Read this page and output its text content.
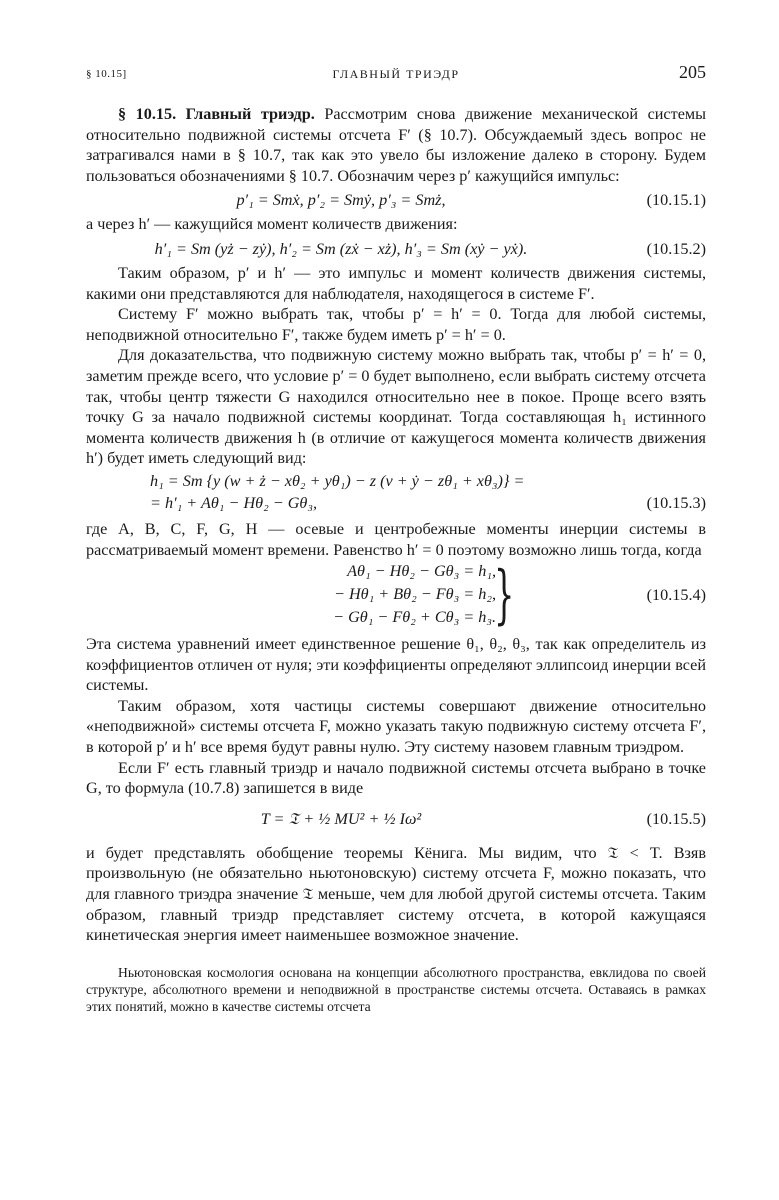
§ 10.15]	ГЛАВНЫЙ ТРИЭДР	205

§ 10.15. Главный триэдр. Рассмотрим снова движение механической системы относительно подвижной системы отсчета F′ (§ 10.7). Обсуждаемый здесь вопрос не затрагивался нами в § 10.7, так как это увело бы изложение далеко в сторону. Будем пользоваться обозначениями § 10.7. Обозначим через p′ кажущийся импульс:

p′₁ = Smẋ, p′₂ = Smẏ, p′₃ = Smż,	(10.15.1)

а через h′ — кажущийся момент количеств движения:

h′₁ = Sm (yż − zẏ), h′₂ = Sm (zẋ − xż), h′₃ = Sm (xẏ − yẋ).	(10.15.2)

Таким образом, p′ и h′ — это импульс и момент количеств движения системы, какими они представляются для наблюдателя, находящегося в системе F′.

Систему F′ можно выбрать так, чтобы p′ = h′ = 0. Тогда для любой системы, неподвижной относительно F′, также будем иметь p′ = h′ = 0.

Для доказательства, что подвижную систему можно выбрать так, чтобы p′ = h′ = 0, заметим прежде всего, что условие p′ = 0 будет выполнено, если выбрать систему отсчета так, чтобы центр тяжести G находился относительно нее в покое. Проще всего взять точку G за начало подвижной системы координат. Тогда составляющая h₁ истинного момента количеств движения h (в отличие от кажущегося момента количеств движения h′) будет иметь следующий вид:

h₁ = Sm {y (w + ż − xθ₂ + yθ₁) − z (v + ẏ − zθ₁ + xθ₃)} =
= h′₁ + Aθ₁ − Hθ₂ − Gθ₃,	(10.15.3)

где A, B, C, F, G, H — осевые и центробежные моменты инерции системы в рассматриваемый момент времени. Равенство h′ = 0 поэтому возможно лишь тогда, когда

Aθ₁ − Hθ₂ − Gθ₃ = h₁,
− Hθ₁ + Bθ₂ − Fθ₃ = h₂,
− Gθ₁ − Fθ₂ + Cθ₃ = h₃.
}	(10.15.4)

Эта система уравнений имеет единственное решение θ₁, θ₂, θ₃, так как определитель из коэффициентов отличен от нуля; эти коэффициенты определяют эллипсоид инерции всей системы.

Таким образом, хотя частицы системы совершают движение относительно «неподвижной» системы отсчета F, можно указать такую подвижную систему отсчета F′, в которой p′ и h′ все время будут равны нулю. Эту систему назовем главным триэдром.

Если F′ есть главный триэдр и начало подвижной системы отсчета выбрано в точке G, то формула (10.7.8) запишется в виде

T = 𝔗 + ½ MU² + ½ Iω²	(10.15.5)

и будет представлять обобщение теоремы Кёнига. Мы видим, что 𝔗 < T. Взяв произвольную (не обязательно ньютоновскую) систему отсчета F, можно показать, что для главного триэдра значение 𝔗 меньше, чем для любой другой системы отсчета. Таким образом, главный триэдр представляет систему отсчета, в которой кажущаяся кинетическая энергия имеет наименьшее возможное значение.

Ньютоновская космология основана на концепции абсолютного пространства, евклидова по своей структуре, абсолютного времени и неподвижной в пространстве системы отсчета. Оставаясь в рамках этих понятий, можно в качестве системы отсчета
